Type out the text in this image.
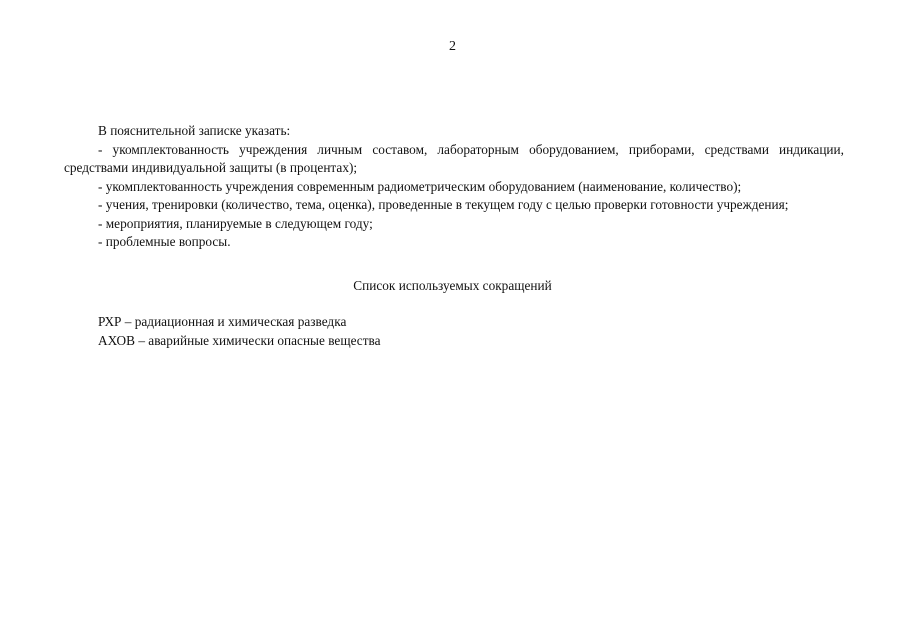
2

В пояснительной записке указать:

- укомплектованность учреждения личным составом, лабораторным оборудованием, приборами, средствами индикации, средствами индивидуальной защиты (в процентах);

- укомплектованность учреждения современным радиометрическим оборудованием (наименование, количество);

- учения, тренировки (количество, тема, оценка), проведенные в текущем году с целью проверки готовности учреждения;

- мероприятия, планируемые в следующем году;

- проблемные вопросы.

Список используемых сокращений

РХР – радиационная и химическая разведка

АХОВ – аварийные химически опасные вещества
